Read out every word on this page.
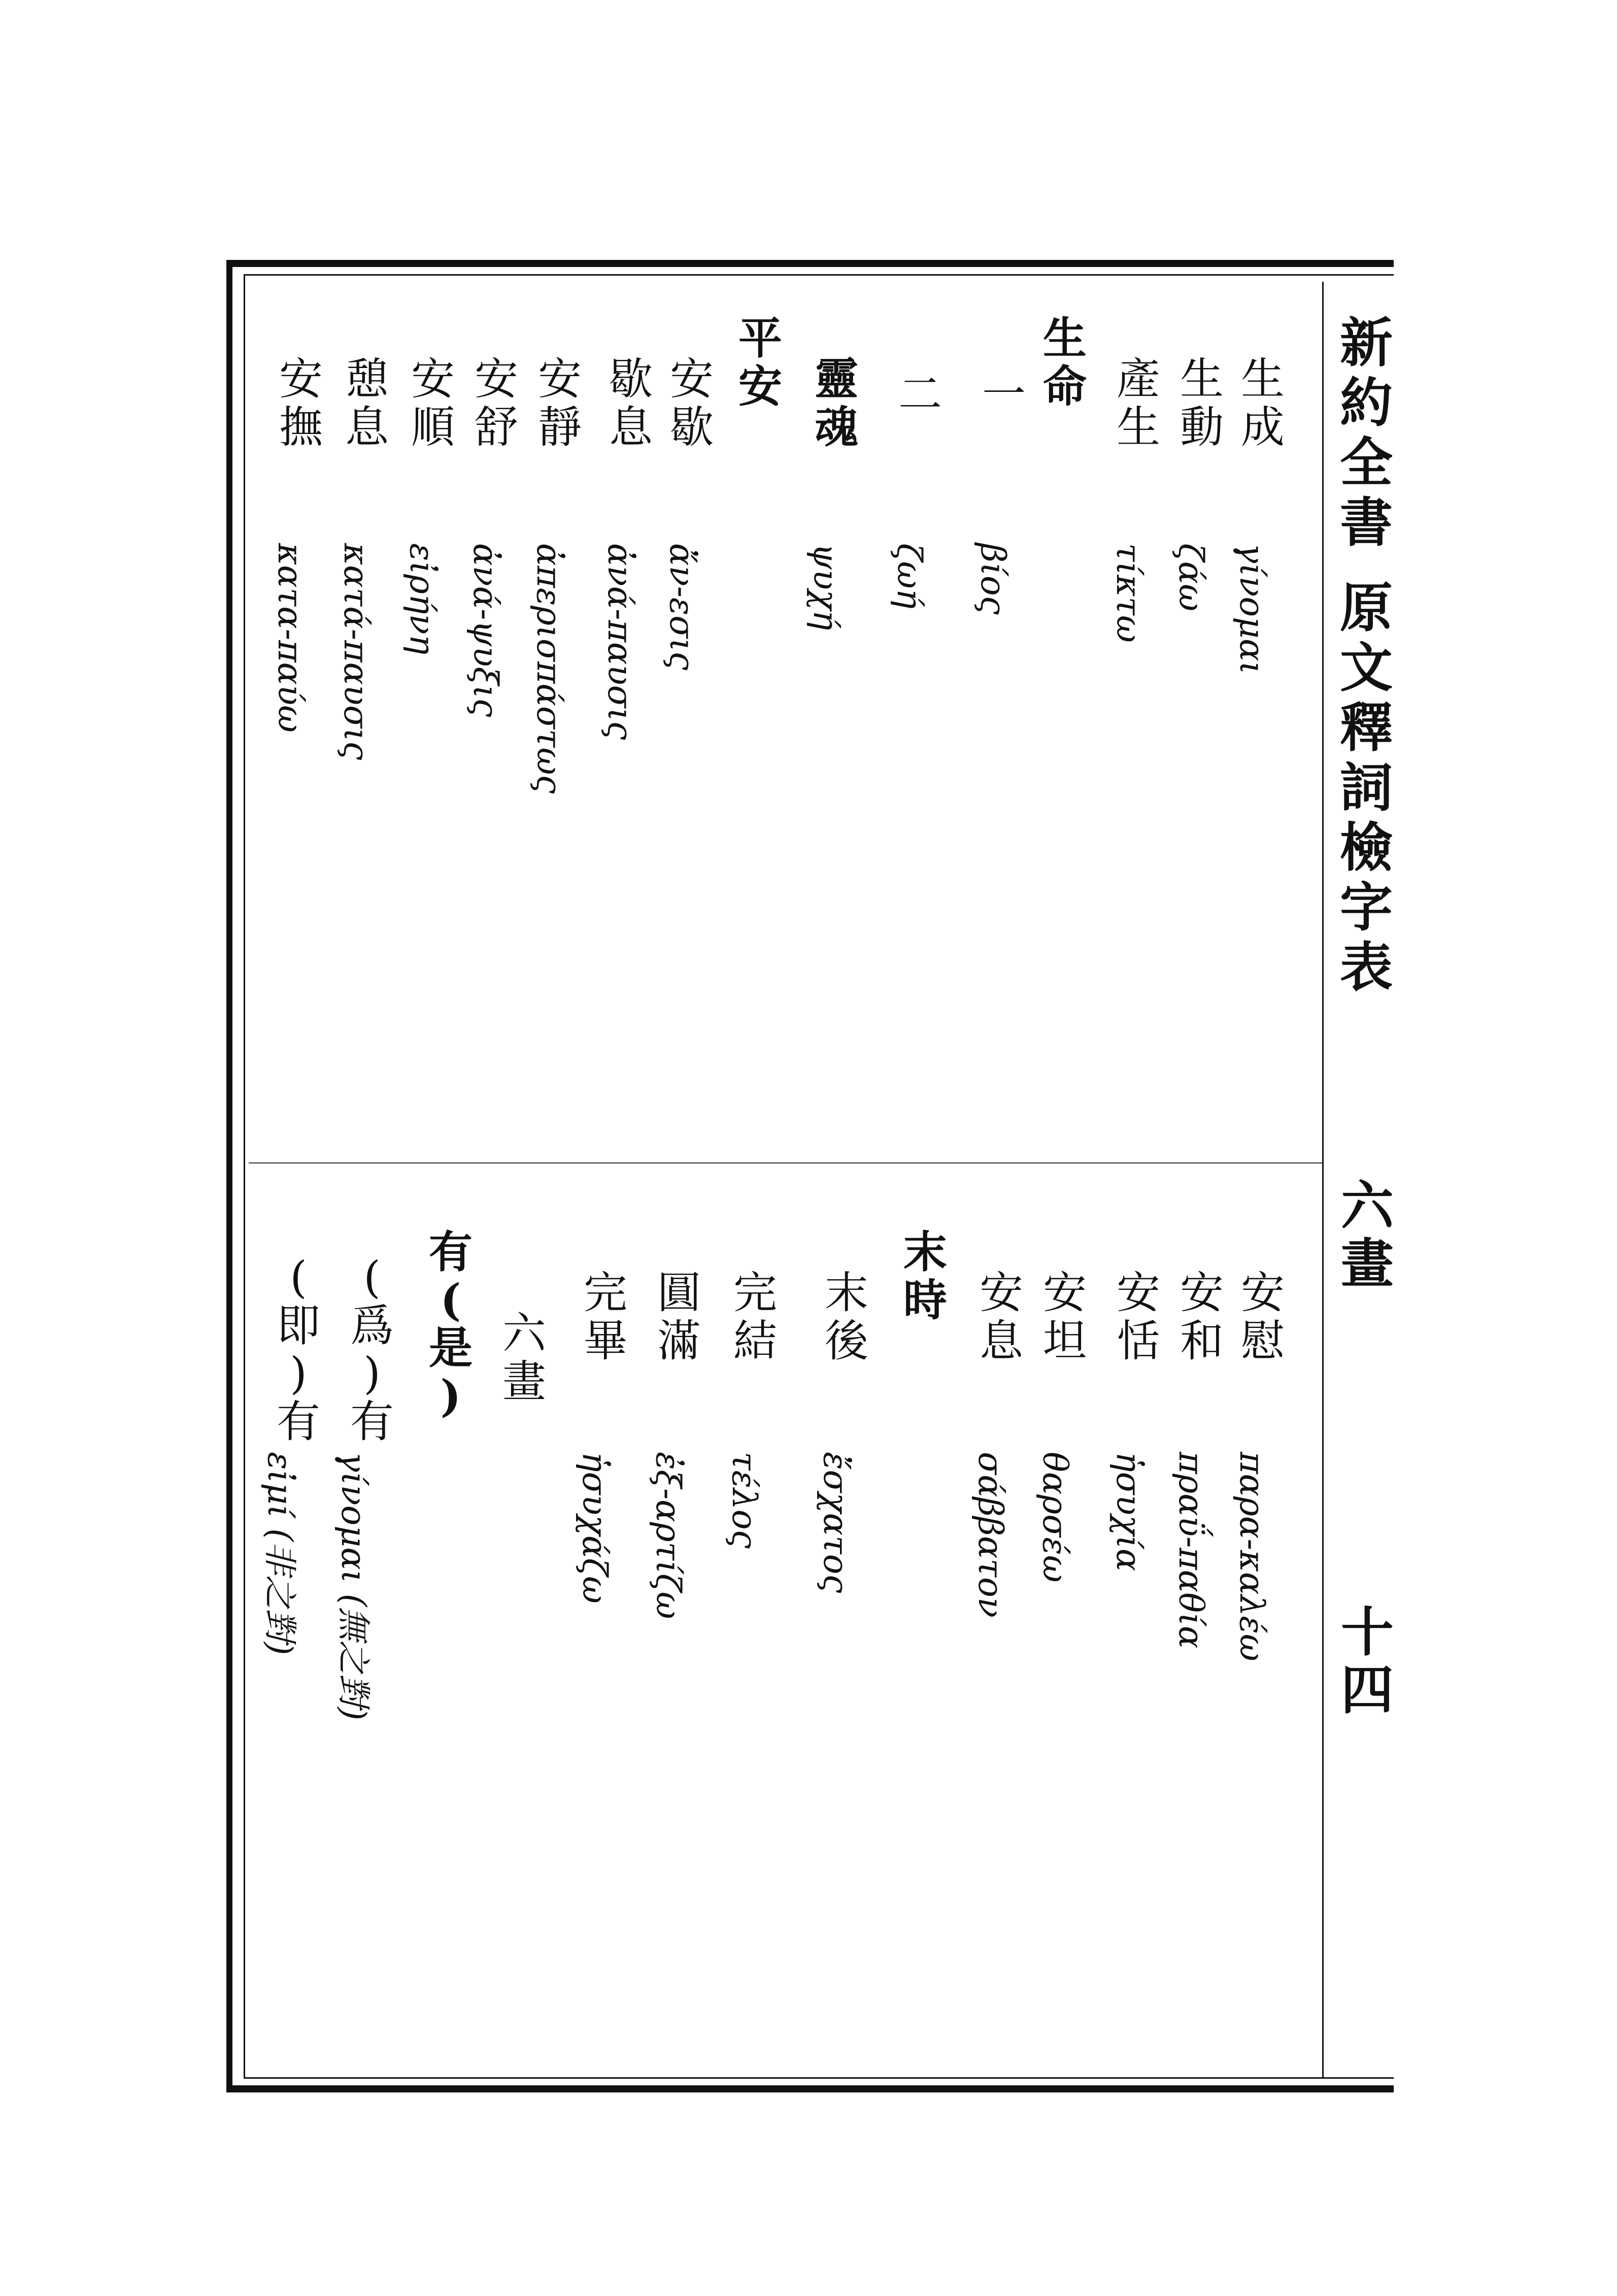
新約全書 原文釋詞檢字表
六畫
十四
生
成
γίνομαι
生
動
ζάω
產
生
τίκτω
生
命
一
βίος
二
ζωή
靈
魂
ψυχή
平
安
安
歇
ἄν-εσις
歇
息
ἀνά-παυσις
安
靜
ἀπερισπάστως
安
舒
ἀνά-ψυξις
安
順
εἰρήνη
憩
息
κατά-παυσις
安
撫
κατα-παύω
安
慰
παρα-καλέω
安
和
πραΰ-παθία
安
恬
ἡσυχία
安
坦
θαρσέω
安
息
σάββατον
末
時
末
後
ἔσχατος
完
結
τέλος
圓
滿
ἐξ-αρτίζω
完
畢
ἡσυχάζω
六
畫
有
(
是
)
(
爲
)
有
γίνομαι (無之對)
(
即
)
有
εἰμί (非之對)
